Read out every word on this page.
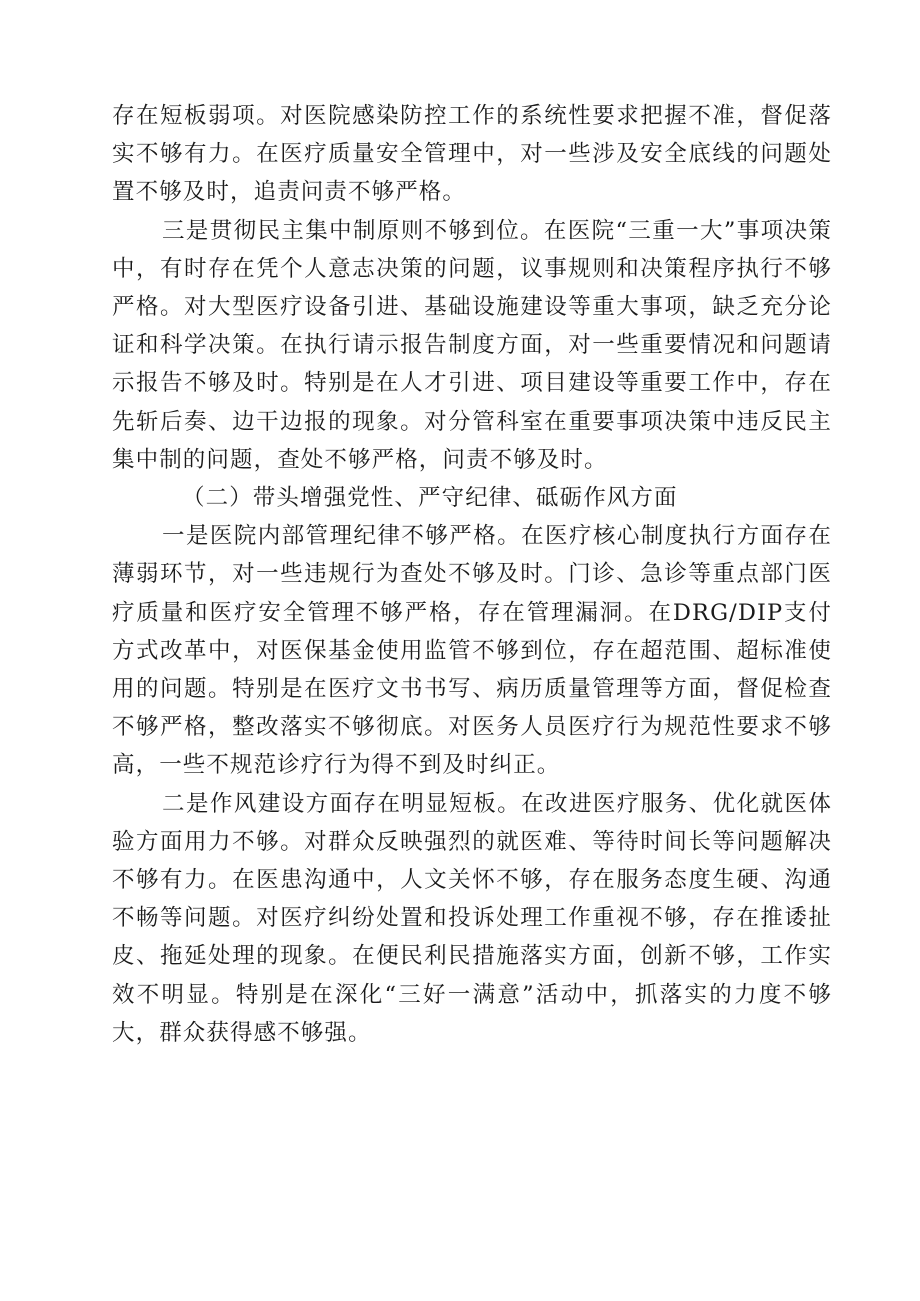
存在短板弱项。对医院感染防控工作的系统性要求把握不准，督促落实不够有力。在医疗质量安全管理中，对一些涉及安全底线的问题处置不够及时，追责问责不够严格。

三是贯彻民主集中制原则不够到位。在医院“三重一大”事项决策中，有时存在凭个人意志决策的问题，议事规则和决策程序执行不够严格。对大型医疗设备引进、基础设施建设等重大事项，缺乏充分论证和科学决策。在执行请示报告制度方面，对一些重要情况和问题请示报告不够及时。特别是在人才引进、项目建设等重要工作中，存在先斩后奏、边干边报的现象。对分管科室在重要事项决策中违反民主集中制的问题，查处不够严格，问责不够及时。

（二）带头增强党性、严守纪律、砥砺作风方面

一是医院内部管理纪律不够严格。在医疗核心制度执行方面存在薄弱环节，对一些违规行为查处不够及时。门诊、急诊等重点部门医疗质量和医疗安全管理不够严格，存在管理漏洞。在DRG/DIP支付方式改革中，对医保基金使用监管不够到位，存在超范围、超标准使用的问题。特别是在医疗文书书写、病历质量管理等方面，督促检查不够严格，整改落实不够彻底。对医务人员医疗行为规范性要求不够高，一些不规范诊疗行为得不到及时纠正。

二是作风建设方面存在明显短板。在改进医疗服务、优化就医体验方面用力不够。对群众反映强烈的就医难、等待时间长等问题解决不够有力。在医患沟通中，人文关怀不够，存在服务态度生硬、沟通不畅等问题。对医疗纠纷处置和投诉处理工作重视不够，存在推诿扯皮、拖延处理的现象。在便民利民措施落实方面，创新不够，工作实效不明显。特别是在深化“三好一满意”活动中，抓落实的力度不够大，群众获得感不够强。
